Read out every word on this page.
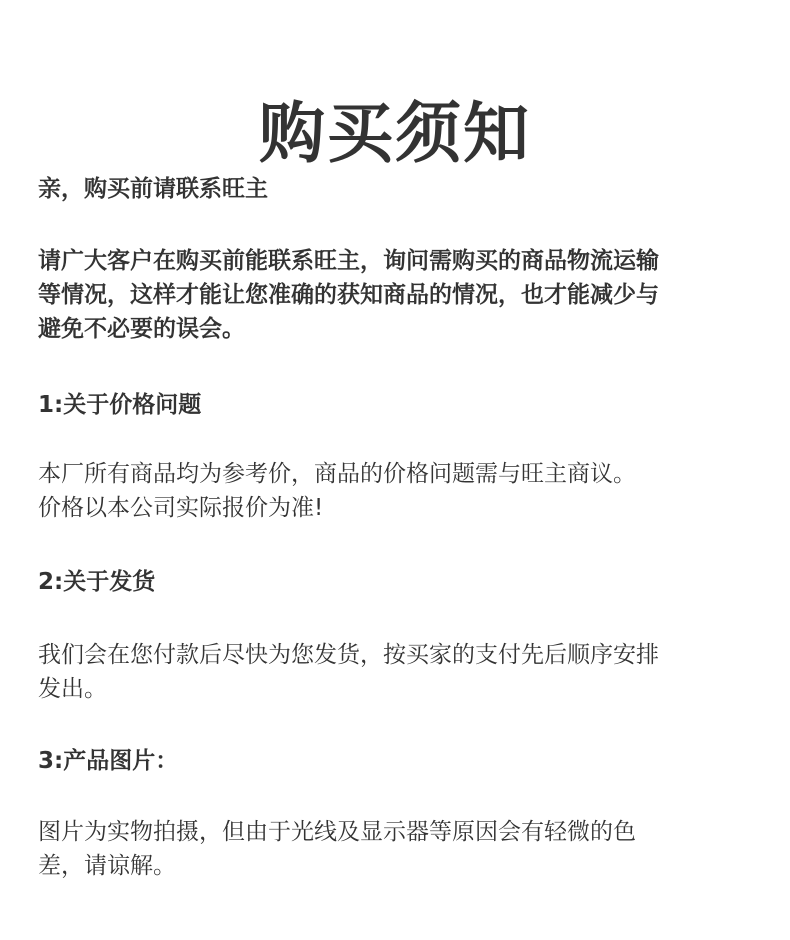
购买须知

亲，购买前请联系旺主

请广大客户在购买前能联系旺主，询问需购买的商品物流运输
等情况，这样才能让您准确的获知商品的情况，也才能减少与
避免不必要的误会。

1:关于价格问题

本厂所有商品均为参考价，商品的价格问题需与旺主商议。
价格以本公司实际报价为准!

2:关于发货

我们会在您付款后尽快为您发货，按买家的支付先后顺序安排
发出。

3:产品图片：

图片为实物拍摄，但由于光线及显示器等原因会有轻微的色
差，请谅解。
